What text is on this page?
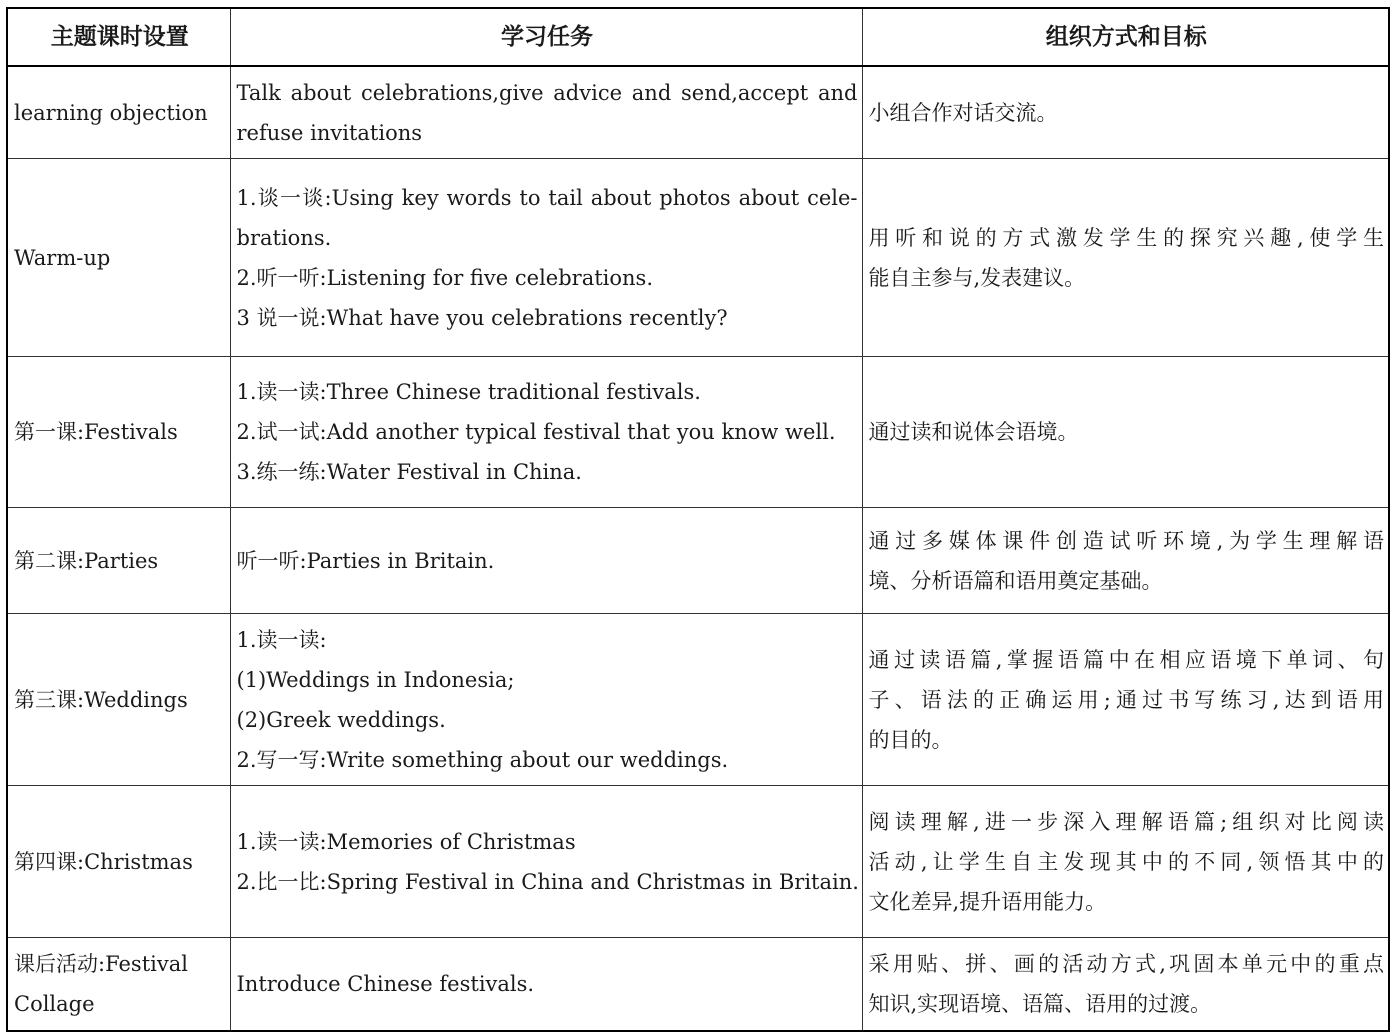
主题课时设置	学习任务	组织方式和目标

learning objection	Talk about celebrations,give advice and send,accept and
refuse invitations	小组合作对话交流。

Warm-up	1.谈一谈:Using key words to tail about photos about cele-
brations.
2.听一听:Listening for five celebrations.
3 说一说:What have you celebrations recently?	用听和说的方式激发学生的探究兴趣,使学生
能自主参与,发表建议。

第一课:Festivals	1.读一读:Three Chinese traditional festivals.
2.试一试:Add another typical festival that you know well.
3.练一练:Water Festival in China.	通过读和说体会语境。

第二课:Parties	听一听:Parties in Britain.	通过多媒体课件创造试听环境,为学生理解语
境、分析语篇和语用奠定基础。

第三课:Weddings	1.读一读:
(1)Weddings in Indonesia;
(2)Greek weddings.
2.写一写:Write something about our weddings.	通过读语篇,掌握语篇中在相应语境下单词、句
子、语法的正确运用;通过书写练习,达到语用
的目的。

第四课:Christmas	1.读一读:Memories of Christmas
2.比一比:Spring Festival in China and Christmas in Britain.	阅读理解,进一步深入理解语篇;组织对比阅读
活动,让学生自主发现其中的不同,领悟其中的
文化差异,提升语用能力。

课后活动:Festival
Collage	Introduce Chinese festivals.	采用贴、拼、画的活动方式,巩固本单元中的重点
知识,实现语境、语篇、语用的过渡。
